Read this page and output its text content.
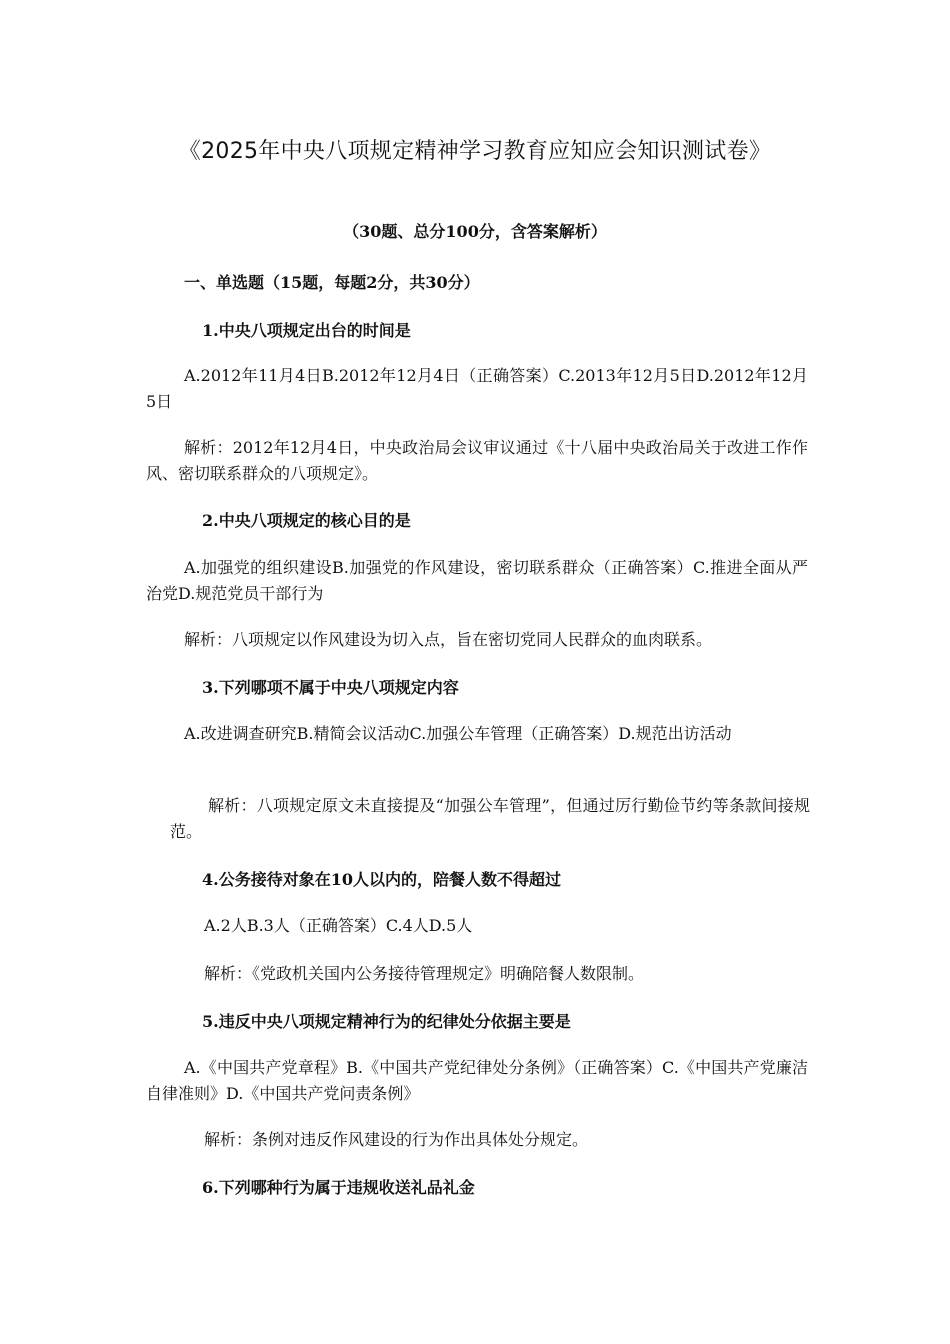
《2025年中央八项规定精神学习教育应知应会知识测试卷》
（30题、总分100分，含答案解析）
一、单选题（15题，每题2分，共30分）
1.中央八项规定出台的时间是
A.2012年11月4日B.2012年12月4日（正确答案）C.2013年12月5日D.2012年12月5日
解析：2012年12月4日，中央政治局会议审议通过《十八届中央政治局关于改进工作作风、密切联系群众的八项规定》。
2.中央八项规定的核心目的是
A.加强党的组织建设B.加强党的作风建设，密切联系群众（正确答案）C.推进全面从严治党D.规范党员干部行为
解析：八项规定以作风建设为切入点，旨在密切党同人民群众的血肉联系。
3.下列哪项不属于中央八项规定内容
A.改进调查研究B.精简会议活动C.加强公车管理（正确答案）D.规范出访活动
解析：八项规定原文未直接提及“加强公车管理”，但通过厉行勤俭节约等条款间接规范。
4.公务接待对象在10人以内的，陪餐人数不得超过
A.2人B.3人（正确答案）C.4人D.5人
解析：《党政机关国内公务接待管理规定》明确陪餐人数限制。
5.违反中央八项规定精神行为的纪律处分依据主要是
A.《中国共产党章程》B.《中国共产党纪律处分条例》（正确答案）C.《中国共产党廉洁自律准则》D.《中国共产党问责条例》
解析：条例对违反作风建设的行为作出具体处分规定。
6.下列哪种行为属于违规收送礼品礼金
